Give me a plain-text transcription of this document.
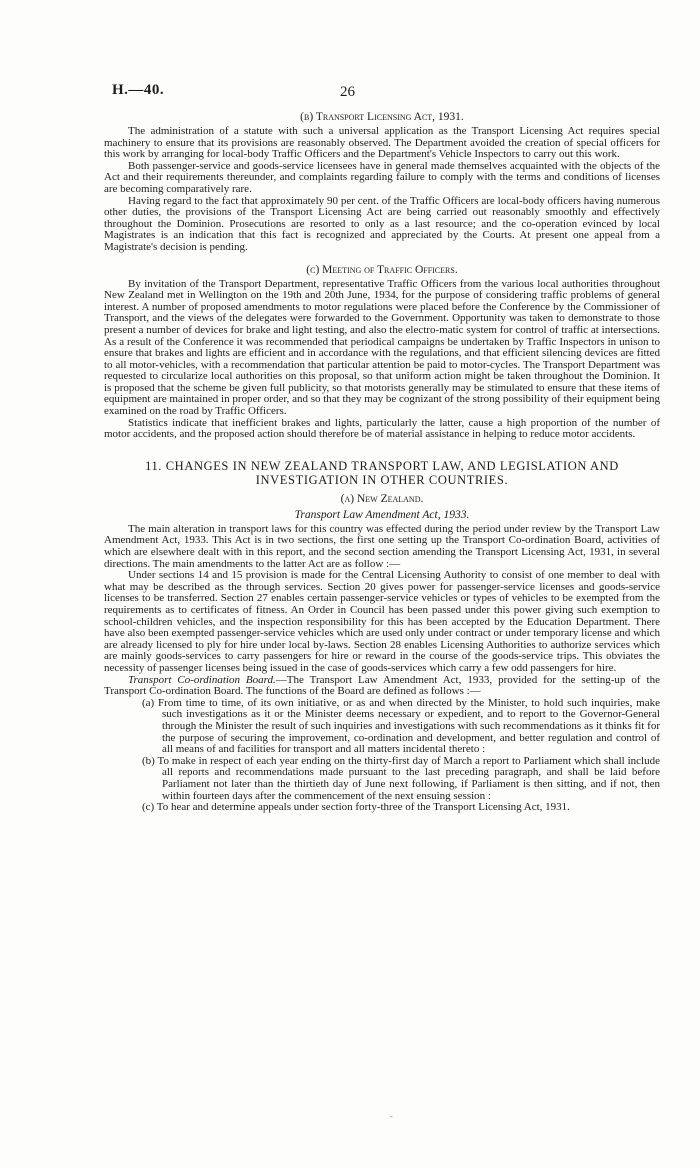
H.—40.	26
(b) Transport Licensing Act, 1931.

The administration of a statute with such a universal application as the Transport Licensing Act requires special machinery to ensure that its provisions are reasonably observed. The Department avoided the creation of special officers for this work by arranging for local-body Traffic Officers and the Department's Vehicle Inspectors to carry out this work.

Both passenger-service and goods-service licensees have in general made themselves acquainted with the objects of the Act and their requirements thereunder, and complaints regarding failure to comply with the terms and conditions of licenses are becoming comparatively rare.

Having regard to the fact that approximately 90 per cent. of the Traffic Officers are local-body officers having numerous other duties, the provisions of the Transport Licensing Act are being carried out reasonably smoothly and effectively throughout the Dominion. Prosecutions are resorted to only as a last resource; and the co-operation evinced by local Magistrates is an indication that this fact is recognized and appreciated by the Courts. At present one appeal from a Magistrate's decision is pending.

(c) Meeting of Traffic Officers.

By invitation of the Transport Department, representative Traffic Officers from the various local authorities throughout New Zealand met in Wellington on the 19th and 20th June, 1934, for the purpose of considering traffic problems of general interest. A number of proposed amendments to motor regulations were placed before the Conference by the Commissioner of Transport, and the views of the delegates were forwarded to the Government. Opportunity was taken to demonstrate to those present a number of devices for brake and light testing, and also the electro-matic system for control of traffic at intersections. As a result of the Conference it was recommended that periodical campaigns be undertaken by Traffic Inspectors in unison to ensure that brakes and lights are efficient and in accordance with the regulations, and that efficient silencing devices are fitted to all motor-vehicles, with a recommendation that particular attention be paid to motor-cycles. The Transport Department was requested to circularize local authorities on this proposal, so that uniform action might be taken throughout the Dominion. It is proposed that the scheme be given full publicity, so that motorists generally may be stimulated to ensure that these items of equipment are maintained in proper order, and so that they may be cognizant of the strong possibility of their equipment being examined on the road by Traffic Officers.

Statistics indicate that inefficient brakes and lights, particularly the latter, cause a high proportion of the number of motor accidents, and the proposed action should therefore be of material assistance in helping to reduce motor accidents.

11. CHANGES IN NEW ZEALAND TRANSPORT LAW, AND LEGISLATION AND INVESTIGATION IN OTHER COUNTRIES.

(a) New Zealand.
Transport Law Amendment Act, 1933.

The main alteration in transport laws for this country was effected during the period under review by the Transport Law Amendment Act, 1933. This Act is in two sections, the first one setting up the Transport Co-ordination Board, activities of which are elsewhere dealt with in this report, and the second section amending the Transport Licensing Act, 1931, in several directions. The main amendments to the latter Act are as follow :—

Under sections 14 and 15 provision is made for the Central Licensing Authority to consist of one member to deal with what may be described as the through services. Section 20 gives power for passenger-service licenses and goods-service licenses to be transferred. Section 27 enables certain passenger-service vehicles or types of vehicles to be exempted from the requirements as to certificates of fitness. An Order in Council has been passed under this power giving such exemption to school-children vehicles, and the inspection responsibility for this has been accepted by the Education Department. There have also been exempted passenger-service vehicles which are used only under contract or under temporary license and which are already licensed to ply for hire under local by-laws. Section 28 enables Licensing Authorities to authorize services which are mainly goods-services to carry passengers for hire or reward in the course of the goods-service trips. This obviates the necessity of passenger licenses being issued in the case of goods-services which carry a few odd passengers for hire.

Transport Co-ordination Board.—The Transport Law Amendment Act, 1933, provided for the setting-up of the Transport Co-ordination Board. The functions of the Board are defined as follows :—

(a) From time to time, of its own initiative, or as and when directed by the Minister, to hold such inquiries, make such investigations as it or the Minister deems necessary or expedient, and to report to the Governor-General through the Minister the result of such inquiries and investigations with such recommendations as it thinks fit for the purpose of securing the improvement, co-ordination and development, and better regulation and control of all means of and facilities for transport and all matters incidental thereto :

(b) To make in respect of each year ending on the thirty-first day of March a report to Parliament which shall include all reports and recommendations made pursuant to the last preceding paragraph, and shall be laid before Parliament not later than the thirtieth day of June next following, if Parliament is then sitting, and if not, then within fourteen days after the commencement of the next ensuing session :

(c) To hear and determine appeals under section forty-three of the Transport Licensing Act, 1931.

-
